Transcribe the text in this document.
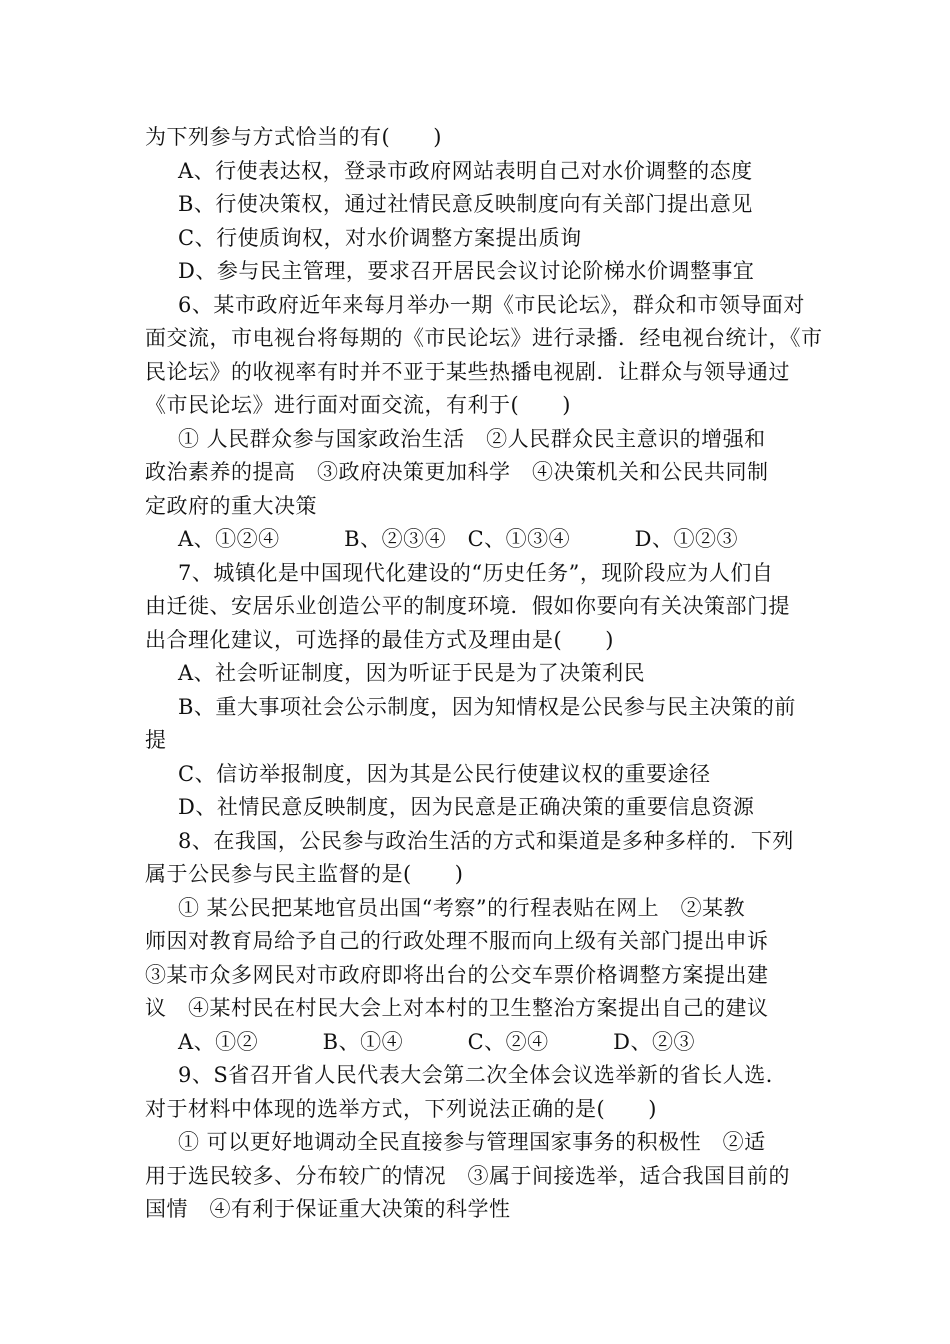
为下列参与方式恰当的有(　　)
A、行使表达权，登录市政府网站表明自己对水价调整的态度
B、行使决策权，通过社情民意反映制度向有关部门提出意见
C、行使质询权，对水价调整方案提出质询
D、参与民主管理，要求召开居民会议讨论阶梯水价调整事宜
6、某市政府近年来每月举办一期《市民论坛》，群众和市领导面对
面交流，市电视台将每期的《市民论坛》进行录播．经电视台统计，《市
民论坛》的收视率有时并不亚于某些热播电视剧．让群众与领导通过
《市民论坛》进行面对面交流，有利于(　　)
① 人民群众参与国家政治生活　②人民群众民主意识的增强和
政治素养的提高　③政府决策更加科学　④决策机关和公民共同制
定政府的重大决策
A、①②④　　　B、②③④　C、①③④　　　D、①②③
7、城镇化是中国现代化建设的“历史任务”，现阶段应为人们自
由迁徙、安居乐业创造公平的制度环境．假如你要向有关决策部门提
出合理化建议，可选择的最佳方式及理由是(　　)
A、社会听证制度，因为听证于民是为了决策利民
B、重大事项社会公示制度，因为知情权是公民参与民主决策的前
提
C、信访举报制度，因为其是公民行使建议权的重要途径
D、社情民意反映制度，因为民意是正确决策的重要信息资源
8、在我国，公民参与政治生活的方式和渠道是多种多样的．下列
属于公民参与民主监督的是(　　)
① 某公民把某地官员出国“考察”的行程表贴在网上　②某教
师因对教育局给予自己的行政处理不服而向上级有关部门提出申诉
③某市众多网民对市政府即将出台的公交车票价格调整方案提出建
议　④某村民在村民大会上对本村的卫生整治方案提出自己的建议
A、①②　　　B、①④　　　C、②④　　　D、②③
9、S省召开省人民代表大会第二次全体会议选举新的省长人选．
对于材料中体现的选举方式，下列说法正确的是(　　)
① 可以更好地调动全民直接参与管理国家事务的积极性　②适
用于选民较多、分布较广的情况　③属于间接选举，适合我国目前的
国情　④有利于保证重大决策的科学性
